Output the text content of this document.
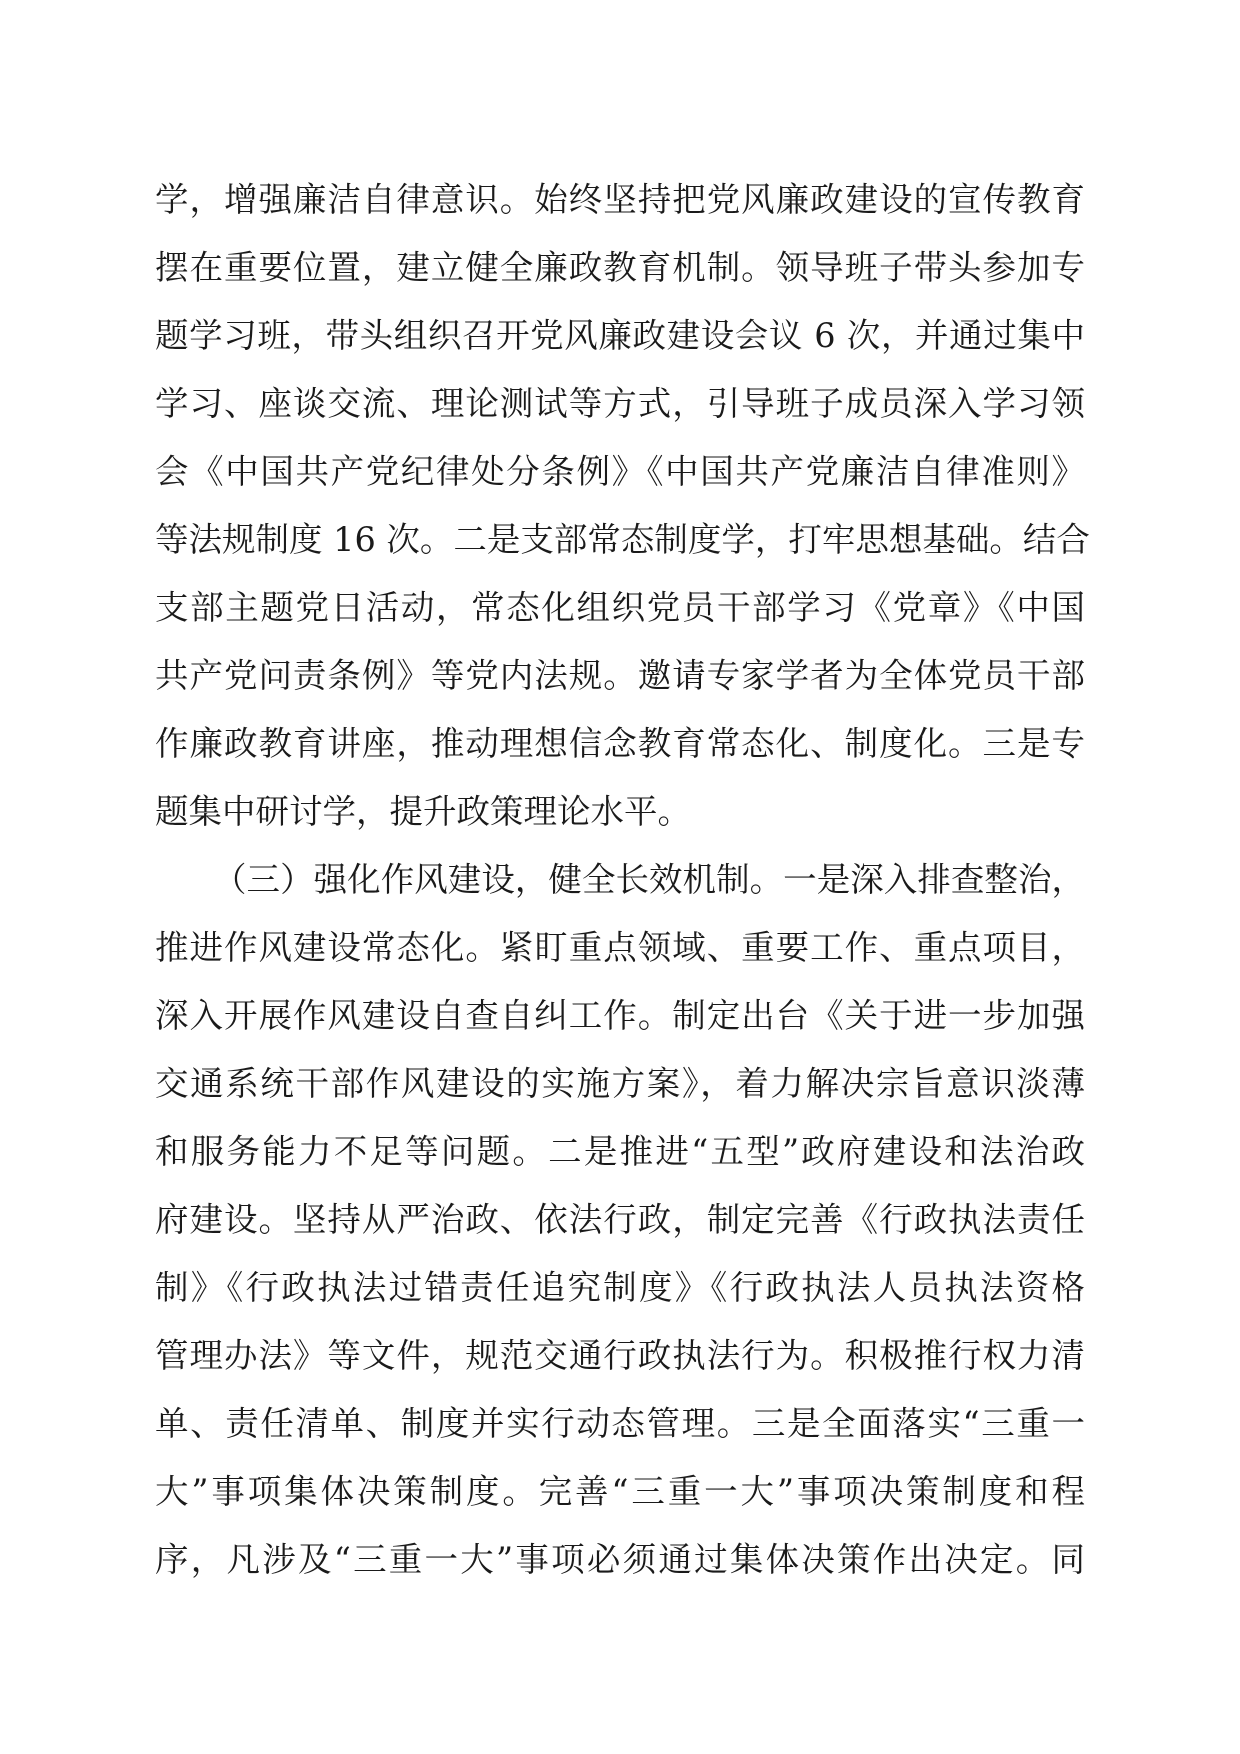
学，增强廉洁自律意识。始终坚持把党风廉政建设的宣传教育
摆在重要位置，建立健全廉政教育机制。领导班子带头参加专
题学习班，带头组织召开党风廉政建设会议 6 次，并通过集中
学习、座谈交流、理论测试等方式，引导班子成员深入学习领
会《中国共产党纪律处分条例》《中国共产党廉洁自律准则》
等法规制度 16 次。二是支部常态制度学，打牢思想基础。结合
支部主题党日活动，常态化组织党员干部学习《党章》《中国
共产党问责条例》等党内法规。邀请专家学者为全体党员干部
作廉政教育讲座，推动理想信念教育常态化、制度化。三是专
题集中研讨学，提升政策理论水平。
（三）强化作风建设，健全长效机制。一是深入排查整治，
推进作风建设常态化。紧盯重点领域、重要工作、重点项目，
深入开展作风建设自查自纠工作。制定出台《关于进一步加强
交通系统干部作风建设的实施方案》，着力解决宗旨意识淡薄
和服务能力不足等问题。二是推进“五型”政府建设和法治政
府建设。坚持从严治政、依法行政，制定完善《行政执法责任
制》《行政执法过错责任追究制度》《行政执法人员执法资格
管理办法》等文件，规范交通行政执法行为。积极推行权力清
单、责任清单、制度并实行动态管理。三是全面落实“三重一
大”事项集体决策制度。完善“三重一大”事项决策制度和程
序，凡涉及“三重一大”事项必须通过集体决策作出决定。同
